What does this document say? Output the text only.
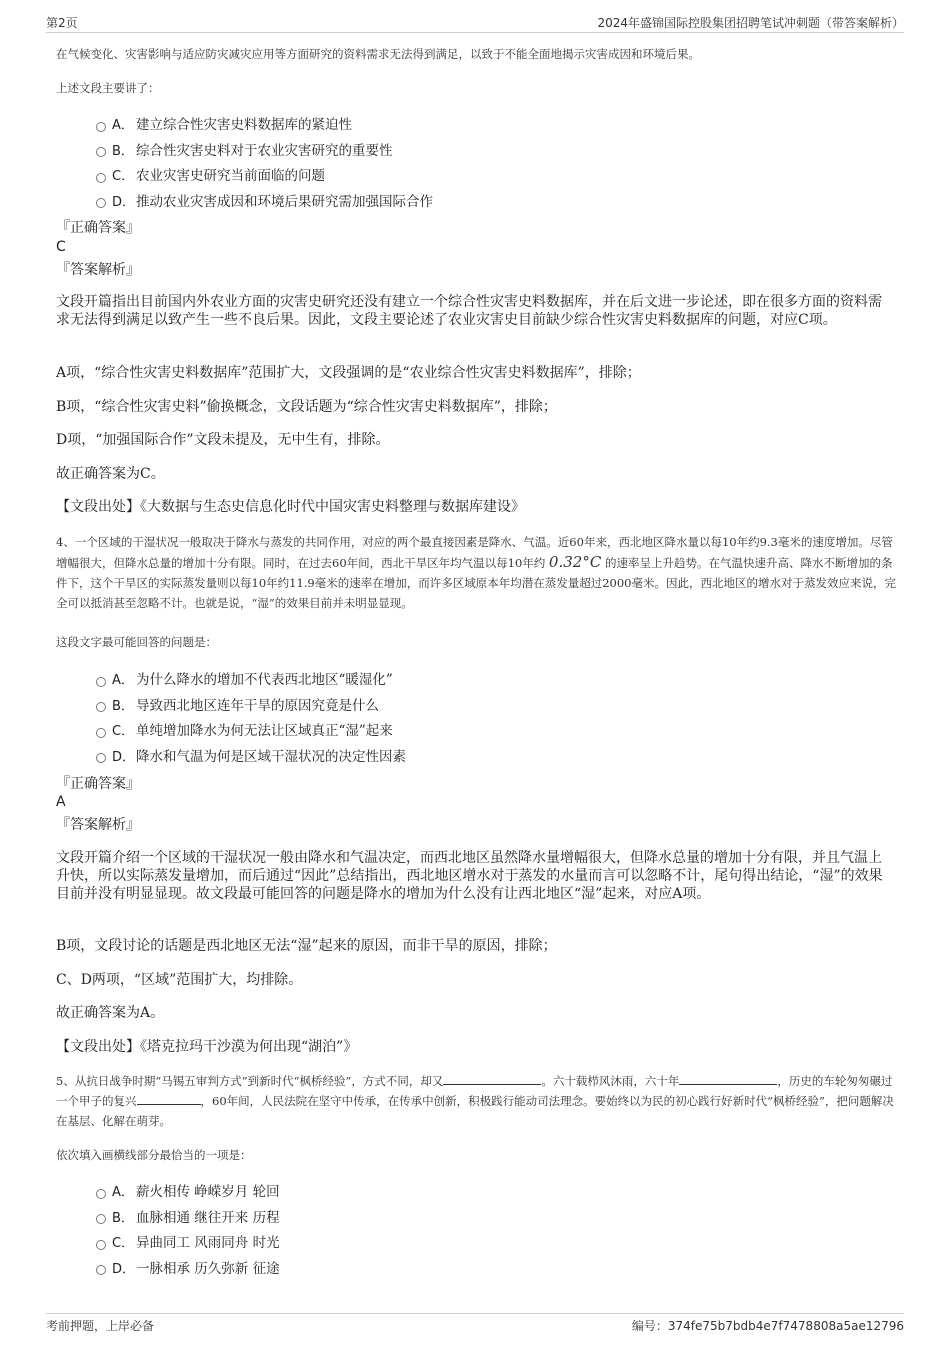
第2页	2024年盛锦国际控股集团招聘笔试冲刺题（带答案解析）
在气候变化、灾害影响与适应防灾减灾应用等方面研究的资料需求无法得到满足，以致于不能全面地揭示灾害成因和环境后果。
上述文段主要讲了：
A． 建立综合性灾害史料数据库的紧迫性
B． 综合性灾害史料对于农业灾害研究的重要性
C． 农业灾害史研究当前面临的问题
D．推动农业灾害成因和环境后果研究需加强国际合作
『正确答案』
C
『答案解析』
文段开篇指出目前国内外农业方面的灾害史研究还没有建立一个综合性灾害史料数据库，并在后文进一步论述，即在很多方面的资料需求无法得到满足以致产生一些不良后果。因此，文段主要论述了农业灾害史目前缺少综合性灾害史料数据库的问题，对应C项。
A项，“综合性灾害史料数据库”范围扩大，文段强调的是“农业综合性灾害史料数据库”，排除；
B项，“综合性灾害史料”偷换概念，文段话题为“综合性灾害史料数据库”，排除；
D项，“加强国际合作”文段未提及，无中生有，排除。
故正确答案为C。
【文段出处】《大数据与生态史信息化时代中国灾害史料整理与数据库建设》
4、一个区域的干湿状况一般取决于降水与蒸发的共同作用，对应的两个最直接因素是降水、气温。近60年来，西北地区降水量以每10年约9.3毫米的速度增加。尽管增幅很大，但降水总量的增加十分有限。同时，在过去60年间，西北干旱区年均气温以每10年约 0.32°C 的速率呈上升趋势。在气温快速升高、降水不断增加的条件下，这个干旱区的实际蒸发量则以每10年约11.9毫米的速率在增加，而许多区域原本年均潜在蒸发量超过2000毫米。因此，西北地区的增水对于蒸发效应来说，完全可以抵消甚至忽略不计。也就是说，“湿”的效果目前并未明显显现。
这段文字最可能回答的问题是：
A． 为什么降水的增加不代表西北地区“暖湿化”
B． 导致西北地区连年干旱的原因究竟是什么
C． 单纯增加降水为何无法让区域真正“湿”起来
D．降水和气温为何是区域干湿状况的决定性因素
『正确答案』
A
『答案解析』
文段开篇介绍一个区域的干湿状况一般由降水和气温决定，而西北地区虽然降水量增幅很大，但降水总量的增加十分有限，并且气温上升快，所以实际蒸发量增加，而后通过“因此”总结指出，西北地区增水对于蒸发的水量而言可以忽略不计，尾句得出结论，“湿”的效果目前并没有明显显现。故文段最可能回答的问题是降水的增加为什么没有让西北地区“湿”起来，对应A项。
B项，文段讨论的话题是西北地区无法“湿”起来的原因，而非干旱的原因，排除；
C、D两项，“区域”范围扩大，均排除。
故正确答案为A。
【文段出处】《塔克拉玛干沙漠为何出现“湖泊”》
5、从抗日战争时期“马锡五审判方式”到新时代“枫桥经验”，方式不同，却又	。六十载栉风沐雨，六十年	，历史的车轮匆匆碾过一个甲子的复兴	，60年间，人民法院在坚守中传承，在传承中创新，积极践行能动司法理念。要始终以为民的初心践行好新时代“枫桥经验”，把问题解决在基层、化解在萌芽。
依次填入画横线部分最恰当的一项是：
A． 薪火相传 峥嵘岁月 轮回
B． 血脉相通 继往开来 历程
C． 异曲同工 风雨同舟 时光
D．一脉相承 历久弥新 征途
考前押题，上岸必备	编号：374fe75b7bdb4e7f7478808a5ae12796
